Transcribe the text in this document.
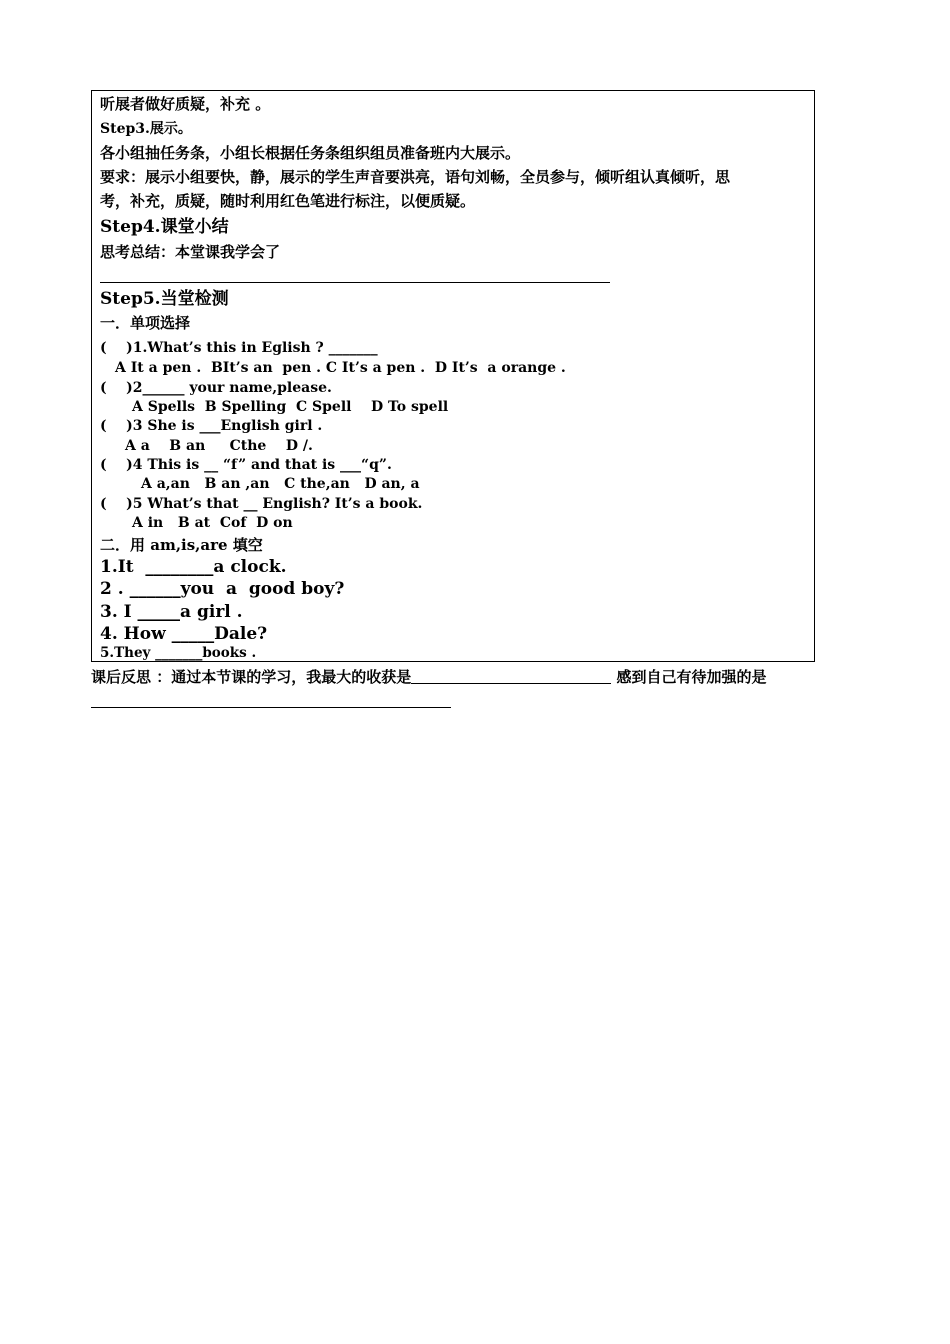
听展者做好质疑，补充 。
Step3.展示。
各小组抽任务条，小组长根据任务条组织组员准备班内大展示。
要求：展示小组要快，静，展示的学生声音要洪亮，语句刘畅，全员参与，倾听组认真倾听，思
考，补充，质疑，随时利用红色笔进行标注，以便质疑。
Step4.课堂小结
思考总结：本堂课我学会了
Step5.当堂检测
一．单项选择
(    )1.What’s this in Eglish ? _______
A It a pen .  BIt’s an  pen . C It’s a pen .  D It’s  a orange .
(    )2______ your name,please.
A Spells  B Spelling  C Spell    D To spell
(    )3 She is ___English girl .
A a    B an     Cthe    D /.
(    )4 This is __ “f” and that is ___“q”.
A a,an   B an ,an   C the,an   D an, a
(    )5 What’s that __ English? It’s a book.
A in   B at  Cof  D on
二．用 am,is,are 填空
1.It  ________a clock.
2 . ______you  a  good boy?
3. I _____a girl .
4. How _____Dale?
5.They _______books .
课后反思 ：通过本节课的学习，我最大的收获是	感到自己有待加强的是
